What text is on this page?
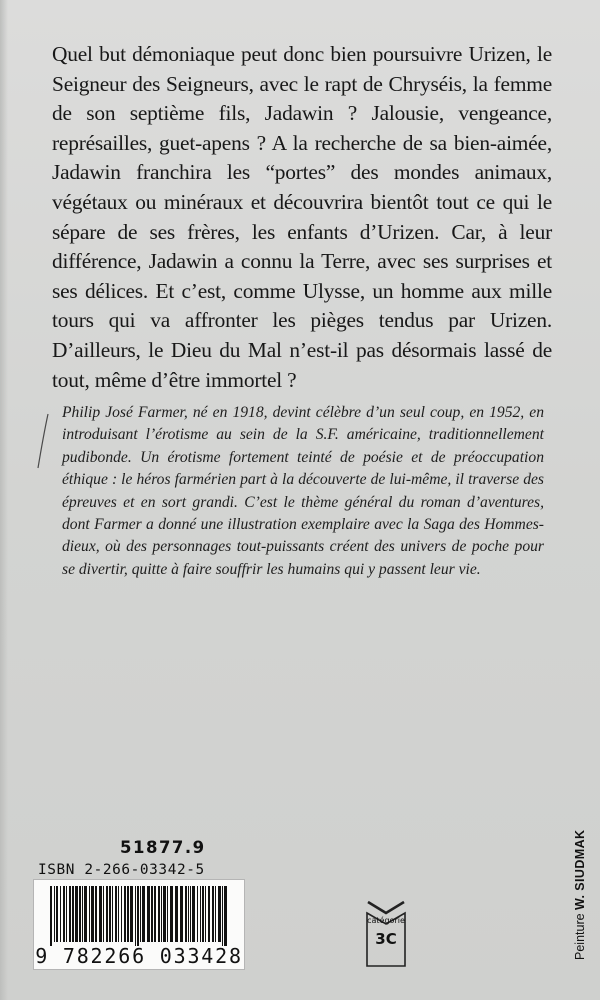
Quel but démoniaque peut donc bien poursuivre Urizen, le Seigneur des Seigneurs, avec le rapt de Chryséis, la femme de son septième fils, Jadawin ? Jalousie, vengeance, représailles, guet-apens ? A la recherche de sa bien-aimée, Jadawin franchira les “portes” des mondes animaux, végétaux ou minéraux et découvrira bientôt tout ce qui le sépare de ses frères, les enfants d’Urizen. Car, à leur différence, Jadawin a connu la Terre, avec ses surprises et ses délices. Et c’est, comme Ulysse, un homme aux mille tours qui va affronter les pièges tendus par Urizen. D’ailleurs, le Dieu du Mal n’est-il pas désormais lassé de tout, même d’être immortel ?

Philip José Farmer, né en 1918, devint célèbre d’un seul coup, en 1952, en introduisant l’érotisme au sein de la S.F. américaine, traditionnellement pudibonde. Un érotisme fortement teinté de poésie et de préoccupation éthique : le héros farmérien part à la découverte de lui-même, il traverse des épreuves et en sort grandi. C’est le thème général du roman d’aventures, dont Farmer a donné une illustration exemplaire avec la Saga des Hommes-dieux, où des personnages tout-puissants créent des univers de poche pour se divertir, quitte à faire souffrir les humains qui y passent leur vie.

51877.9
ISBN 2-266-03342-5
9 782266 033428
catégorie
3C	Peinture W. SIUDMAK
